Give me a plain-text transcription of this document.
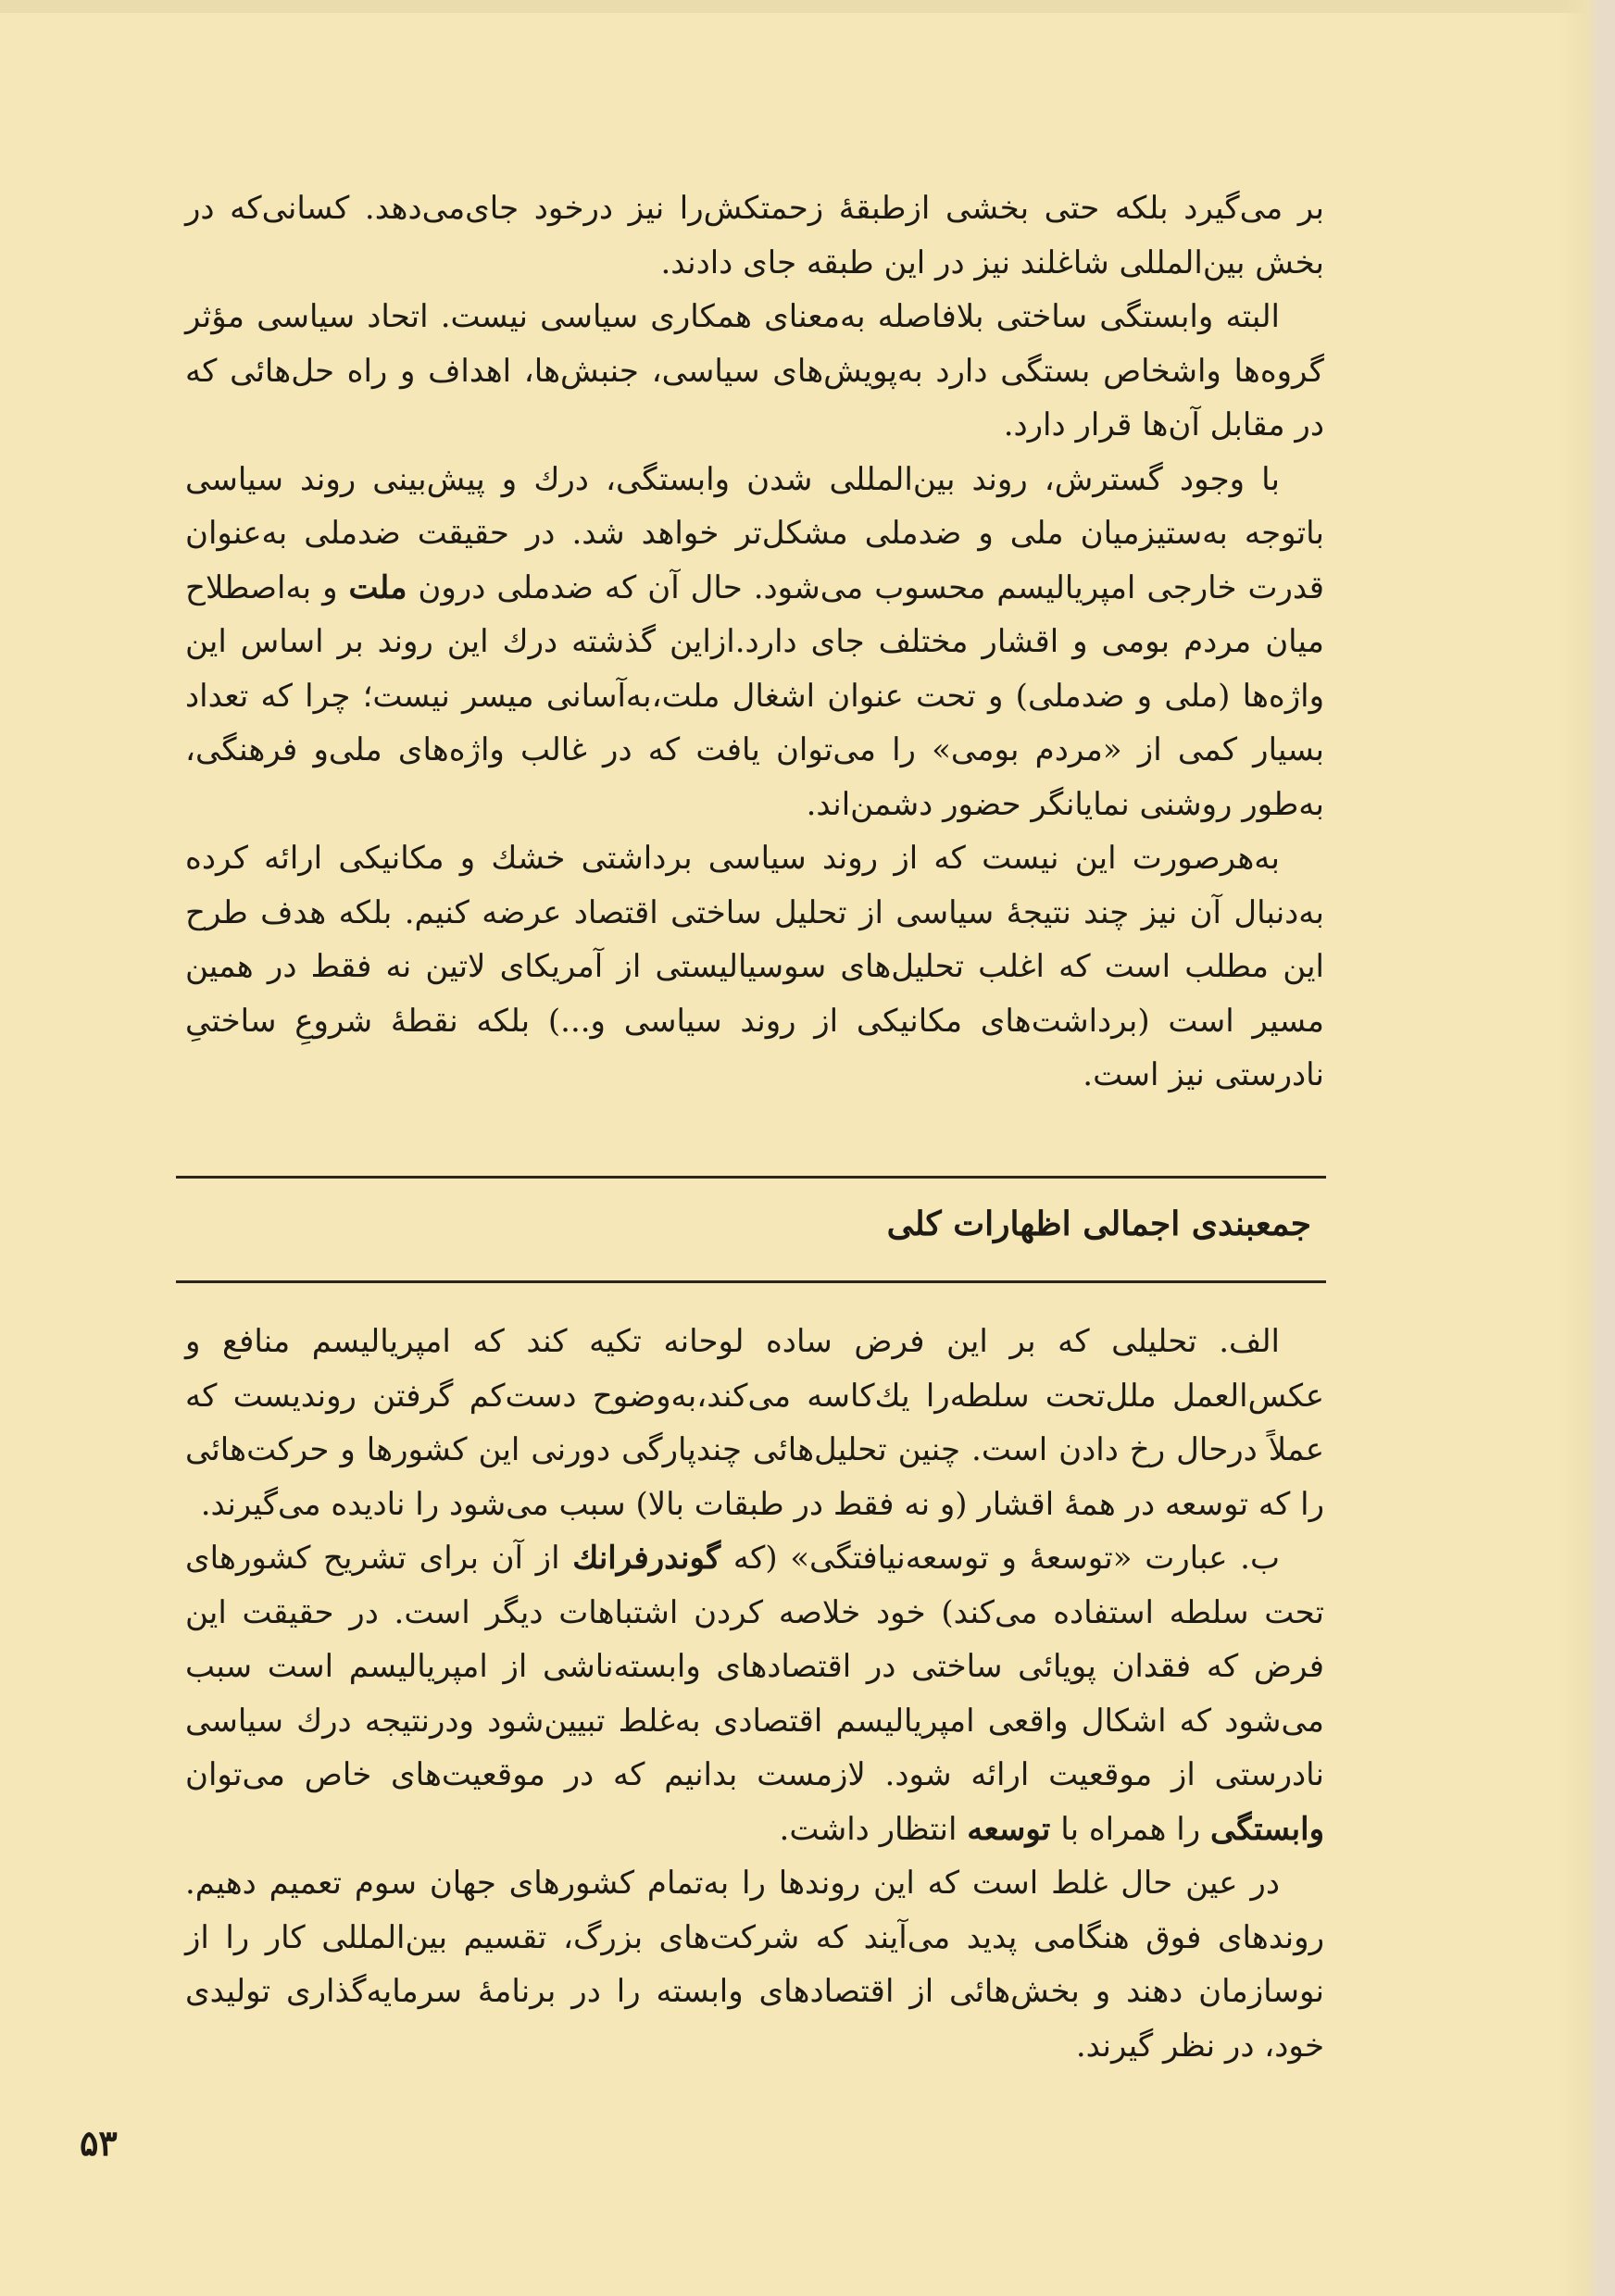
بر می‌گیرد بلکه حتی بخشی ازطبقهٔ زحمتکش‌را نیز درخود جای‌می‌دهد. کسانی‌که در بخش بین‌المللی شاغلند نیز در این طبقه جای دادند.

البته وابستگی ساختی بلافاصله به‌معنای همکاری سیاسی نیست. اتحاد سیاسی مؤثر گروه‌ها واشخاص بستگی دارد به‌پویش‌های سیاسی، جنبش‌ها، اهداف و راه حل‌هائی که در مقابل آن‌ها قرار دارد.

با وجود گسترش، روند بین‌المللی شدن وابستگی، درك و پیش‌بینی روند سیاسی باتوجه به‌ستیزمیان ملی و ضدملی مشکل‌تر خواهد شد. در حقیقت ضدملی به‌عنوان قدرت خارجی امپریالیسم محسوب می‌شود. حال آن که ضدملی درون ملت و به‌اصطلاح میان مردم بومی و اقشار مختلف جای دارد.ازاین گذشته درك این روند بر اساس این واژه‌ها (ملی و ضدملی) و تحت عنوان اشغال ملت،به‌آسانی میسر نیست؛ چرا که تعداد بسیار کمی از «مردم بومی» را می‌توان یافت که در غالب واژه‌های ملی‌و فرهنگی، به‌طور روشنی نمایانگر حضور دشمن‌اند.

به‌هرصورت این نیست که از روند سیاسی برداشتی خشك و مکانیکی ارائه کرده به‌دنبال آن نیز چند نتیجهٔ سیاسی از تحلیل ساختی اقتصاد عرضه کنیم. بلکه هدف طرح این مطلب است که اغلب تحلیل‌های سوسیالیستی از آمریکای لاتین نه فقط در همین مسیر است (برداشت‌های مکانیکی از روند سیاسی و...) بلکه نقطهٔ شروعِ ساختیِ نادرستی نیز است.

جمعبندی اجمالی اظهارات کلی

الف. تحلیلی که بر این فرض ساده لوحانه تکیه کند که امپریالیسم منافع و عکس‌العمل ملل‌تحت سلطه‌را یك‌کاسه می‌کند،به‌وضوح دست‌کم گرفتن روندیست که عملاً درحال رخ دادن است. چنین تحلیل‌هائی چندپارگی دورنی این کشورها و حرکت‌هائی را که توسعه در همهٔ اقشار (و نه فقط در طبقات بالا) سبب می‌شود را نادیده می‌گیرند.

ب. عبارت «توسعهٔ و توسعه‌نیافتگی» (که گوندرفرانك از آن برای تشریح کشورهای تحت سلطه استفاده می‌کند) خود خلاصه کردن اشتباهات دیگر است. در حقیقت این فرض که فقدان پویائی ساختی در اقتصادهای وابسته‌ناشی از امپریالیسم است سبب می‌شود که اشکال واقعی امپریالیسم اقتصادی به‌غلط تبیین‌شود ودرنتیجه درك سیاسی نادرستی از موقعیت ارائه شود. لازمست بدانیم که در موقعیت‌های خاص می‌توان وابستگی را همراه با توسعه انتظار داشت.

در عین حال غلط است که این روندها را به‌تمام کشورهای جهان سوم تعمیم دهیم. روندهای فوق هنگامی پدید می‌آیند که شرکت‌های بزرگ، تقسیم بین‌المللی کار را از نوسازمان دهند و بخش‌هائی از اقتصادهای وابسته را در برنامهٔ سرمایه‌گذاری تولیدی خود، در نظر گیرند.

۵۳
